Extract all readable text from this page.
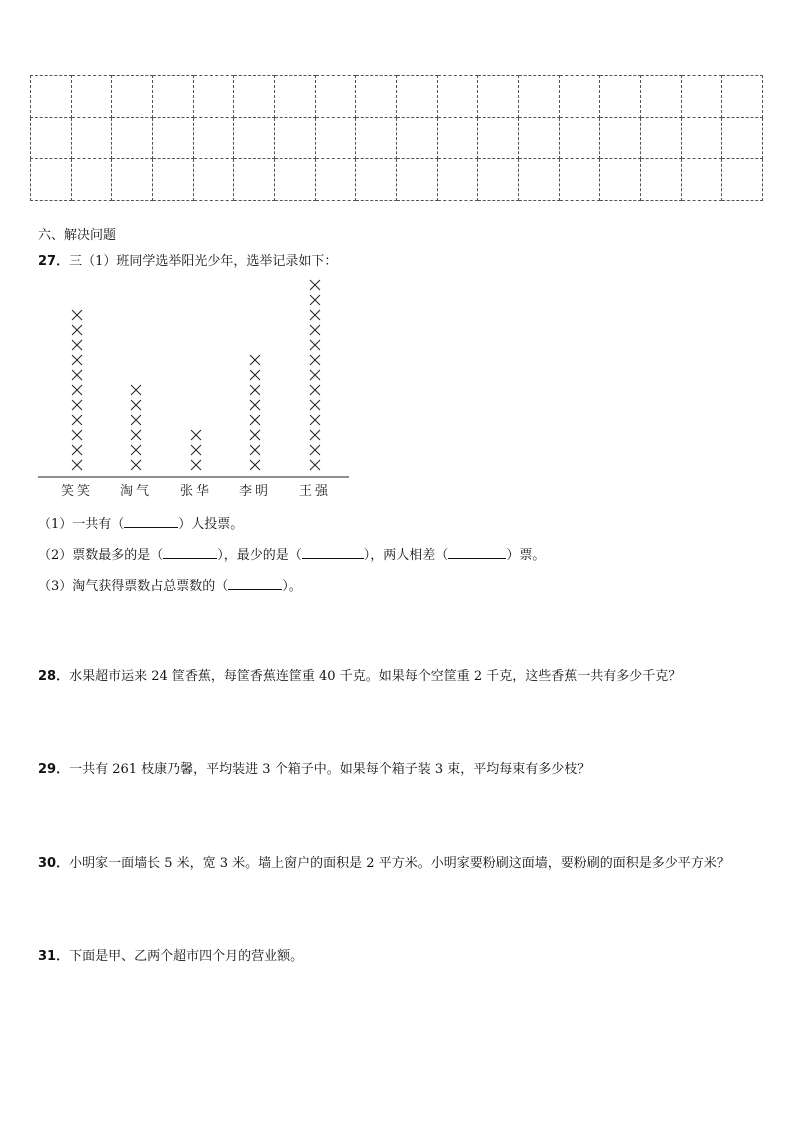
六、解决问题
27．三（1）班同学选举阳光少年，选举记录如下：
笑笑 淘气 张华 李明 王强
（1）一共有（	）人投票。
（2）票数最多的是（	），最少的是（	），两人相差（	）票。
（3）淘气获得票数占总票数的（	）。
28．水果超市运来 24 筐香蕉，每筐香蕉连筐重 40 千克。如果每个空筐重 2 千克，这些香蕉一共有多少千克？
29．一共有 261 枝康乃馨，平均装进 3 个箱子中。如果每个箱子装 3 束，平均每束有多少枝？
30．小明家一面墙长 5 米，宽 3 米。墙上窗户的面积是 2 平方米。小明家要粉刷这面墙，要粉刷的面积是多少平方米？
31．下面是甲、乙两个超市四个月的营业额。
